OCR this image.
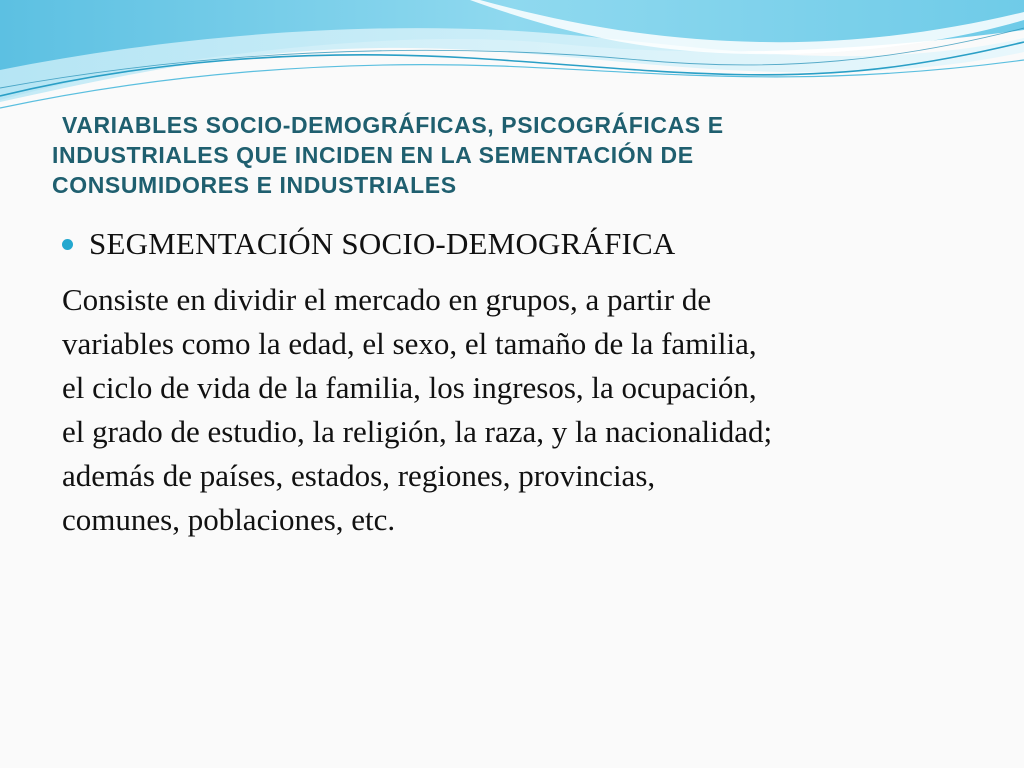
VARIABLES SOCIO-DEMOGRÁFICAS, PSICOGRÁFICAS E
INDUSTRIALES QUE INCIDEN EN LA SEMENTACIÓN DE
CONSUMIDORES E INDUSTRIALES
SEGMENTACIÓN SOCIO-DEMOGRÁFICA

Consiste en dividir el mercado en grupos, a partir de
variables como la edad, el sexo, el tamaño de la familia,
el ciclo de vida de la familia, los ingresos, la ocupación,
el grado de estudio, la religión, la raza, y la nacionalidad;
además de países, estados, regiones, provincias,
comunes, poblaciones, etc.
